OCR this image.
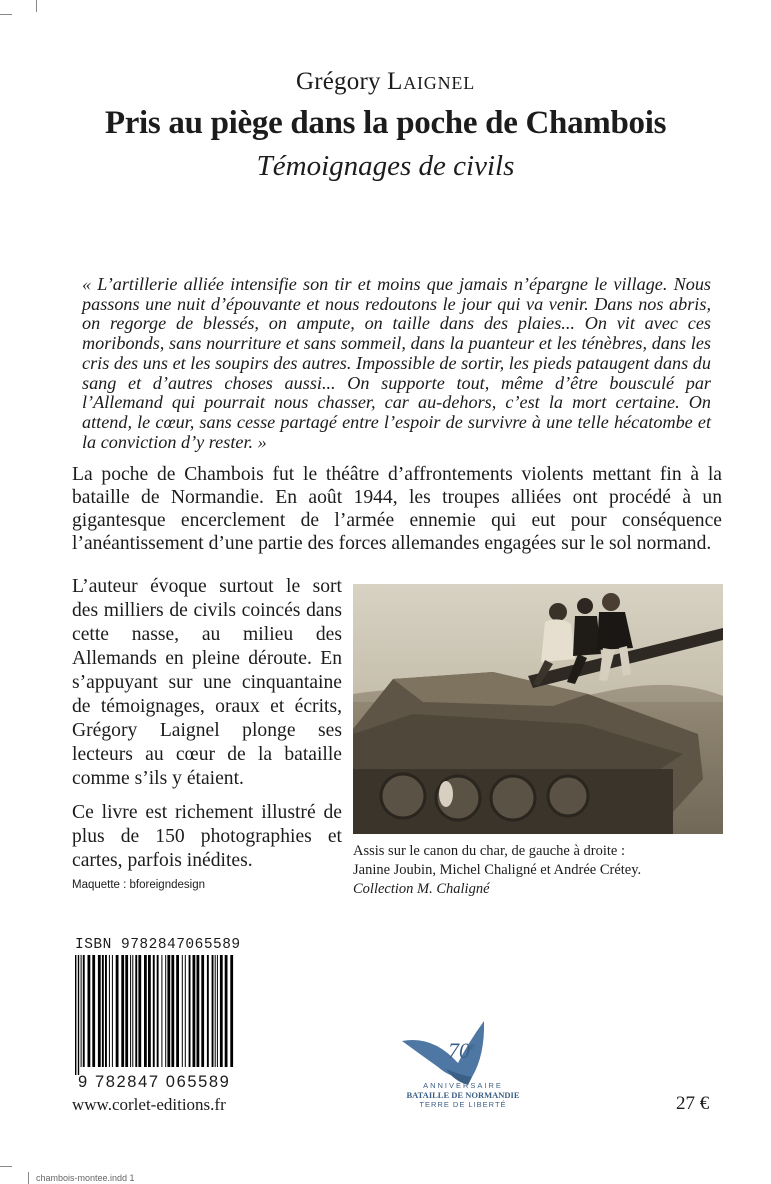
Grégory Laignel
Pris au piège dans la poche de Chambois
Témoignages de civils

« L’artillerie alliée intensifie son tir et moins que jamais n’épargne le village. Nous passons une nuit d’épouvante et nous redoutons le jour qui va venir. Dans nos abris, on regorge de blessés, on ampute, on taille dans des plaies... On vit avec ces moribonds, sans nourriture et sans sommeil, dans la puanteur et les ténèbres, dans les cris des uns et les soupirs des autres. Impossible de sortir, les pieds pataugent dans du sang et d’autres choses aussi... On supporte tout, même d’être bousculé par l’Allemand qui pourrait nous chasser, car au-dehors, c’est la mort certaine. On attend, le cœur, sans cesse partagé entre l’espoir de survivre à une telle hécatombe et la conviction d’y rester. »

La poche de Chambois fut le théâtre d’affrontements violents mettant fin à la bataille de Normandie. En août 1944, les troupes alliées ont procédé à un gigantesque encerclement de l’armée ennemie qui eut pour conséquence l’anéantissement d’une partie des forces allemandes engagées sur le sol normand.

L’auteur évoque surtout le sort des milliers de civils coincés dans cette nasse, au milieu des Allemands en pleine déroute. En s’appuyant sur une cinquantaine de témoignages, oraux et écrits, Grégory Laignel plonge ses lecteurs au cœur de la bataille comme s’ils y étaient.

Ce livre est richement illustré de plus de 150 photographies et cartes, parfois inédites.	Assis sur le canon du char, de gauche à droite :
Janine Joubin, Michel Chaligné et Andrée Crétey.
Collection M. Chaligné
Maquette : bforeigndesign
ISBN 9782847065589
9 782847 065589
www.corlet-editions.fr
70e
ANNIVERSAIRE
BATAILLE DE NORMANDIE
TERRE DE LIBERTÉ	27 €
chambois-montee.indd 1
